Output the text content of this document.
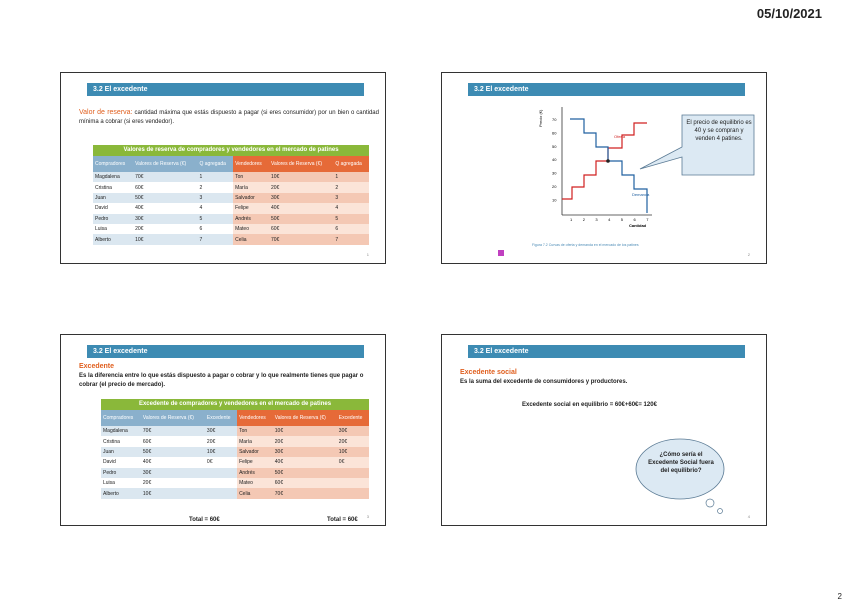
05/10/2021
3.2 El excedente
Valor de reserva: cantidad máxima que estás dispuesto a pagar (si eres consumidor) por un bien o cantidad mínima a cobrar (si eres vendedor).
Valores de reserva de compradores y vendedores en el mercado de patines
Compradores	Valores de Reserva (€)	Q agregada	Vendedores	Valores de Reserva (€)	Q agregada
Magdalena	70€	1	Ton	10€	1
Cristina	60€	2	María	20€	2
Juan	50€	3	Salvador	30€	3
David	40€	4	Felipe	40€	4
Pedro	30€	5	Andrés	50€	5
Luisa	20€	6	Mateo	60€	6
Alberto	10€	7	Celia	70€	7
1
3.2 El excedente
Precio (€) 70
60
50
40
30
20
10
1	2	3	4	5	6	7
Oferta
Demanda
Cantidad
El precio de equilibrio es 40 y se compran y venden 4 patines.
Figura 7.2 Curvas de oferta y demanda en el mercado de los patines
2
3.2 El excedente
Excedente
Es la diferencia entre lo que estás dispuesto a pagar o cobrar y lo que realmente tienes que pagar o cobrar (el precio de mercado).
Excedente de compradores y vendedores en el mercado de patines
Compradores	Valores de Reserva (€)	Excedente	Vendedores	Valores de Reserva (€)	Excedente
Magdalena	70€	30€	Ton	10€	30€
Cristina	60€	20€	María	20€	20€
Juan	50€	10€	Salvador	30€	10€
David	40€	0€	Felipe	40€	0€
Pedro	30€		Andrés	50€	
Luisa	20€		Mateo	60€	
Alberto	10€		Celia	70€	
Total = 60€	Total = 60€
3
3.2 El excedente
Excedente social
Es la suma del excedente de consumidores y productores.
Excedente social en equilibrio = 60€+60€= 120€
¿Cómo sería el Excedente Social fuera del equilibrio?
4
2
